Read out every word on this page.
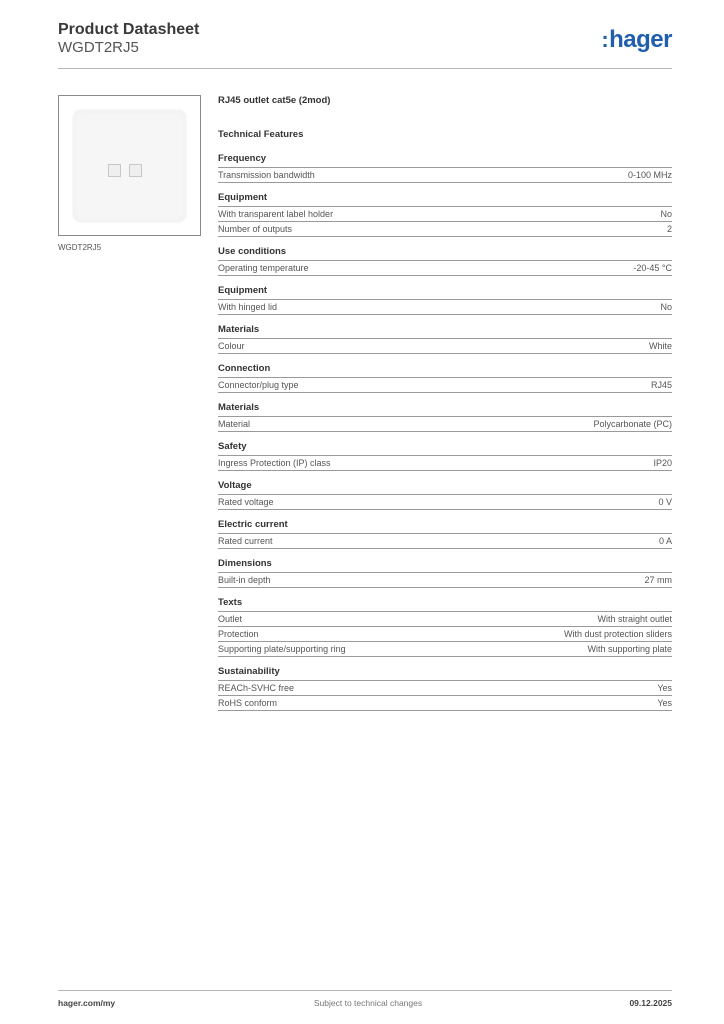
Product Datasheet
WGDT2RJ5	:hager
WGDT2RJ5
RJ45 outlet cat5e (2mod)
Technical Features
Frequency
Transmission bandwidth	0-100 MHz
Equipment
With transparent label holder	No
Number of outputs	2
Use conditions
Operating temperature	-20-45 °C
Equipment
With hinged lid	No
Materials
Colour	White
Connection
Connector/plug type	RJ45
Materials
Material	Polycarbonate (PC)
Safety
Ingress Protection (IP) class	IP20
Voltage
Rated voltage	0 V
Electric current
Rated current	0 A
Dimensions
Built-in depth	27 mm
Texts
Outlet	With straight outlet
Protection	With dust protection sliders
Supporting plate/supporting ring	With supporting plate
Sustainability
REACh-SVHC free	Yes
RoHS conform	Yes
hager.com/my	Subject to technical changes	09.12.2025
